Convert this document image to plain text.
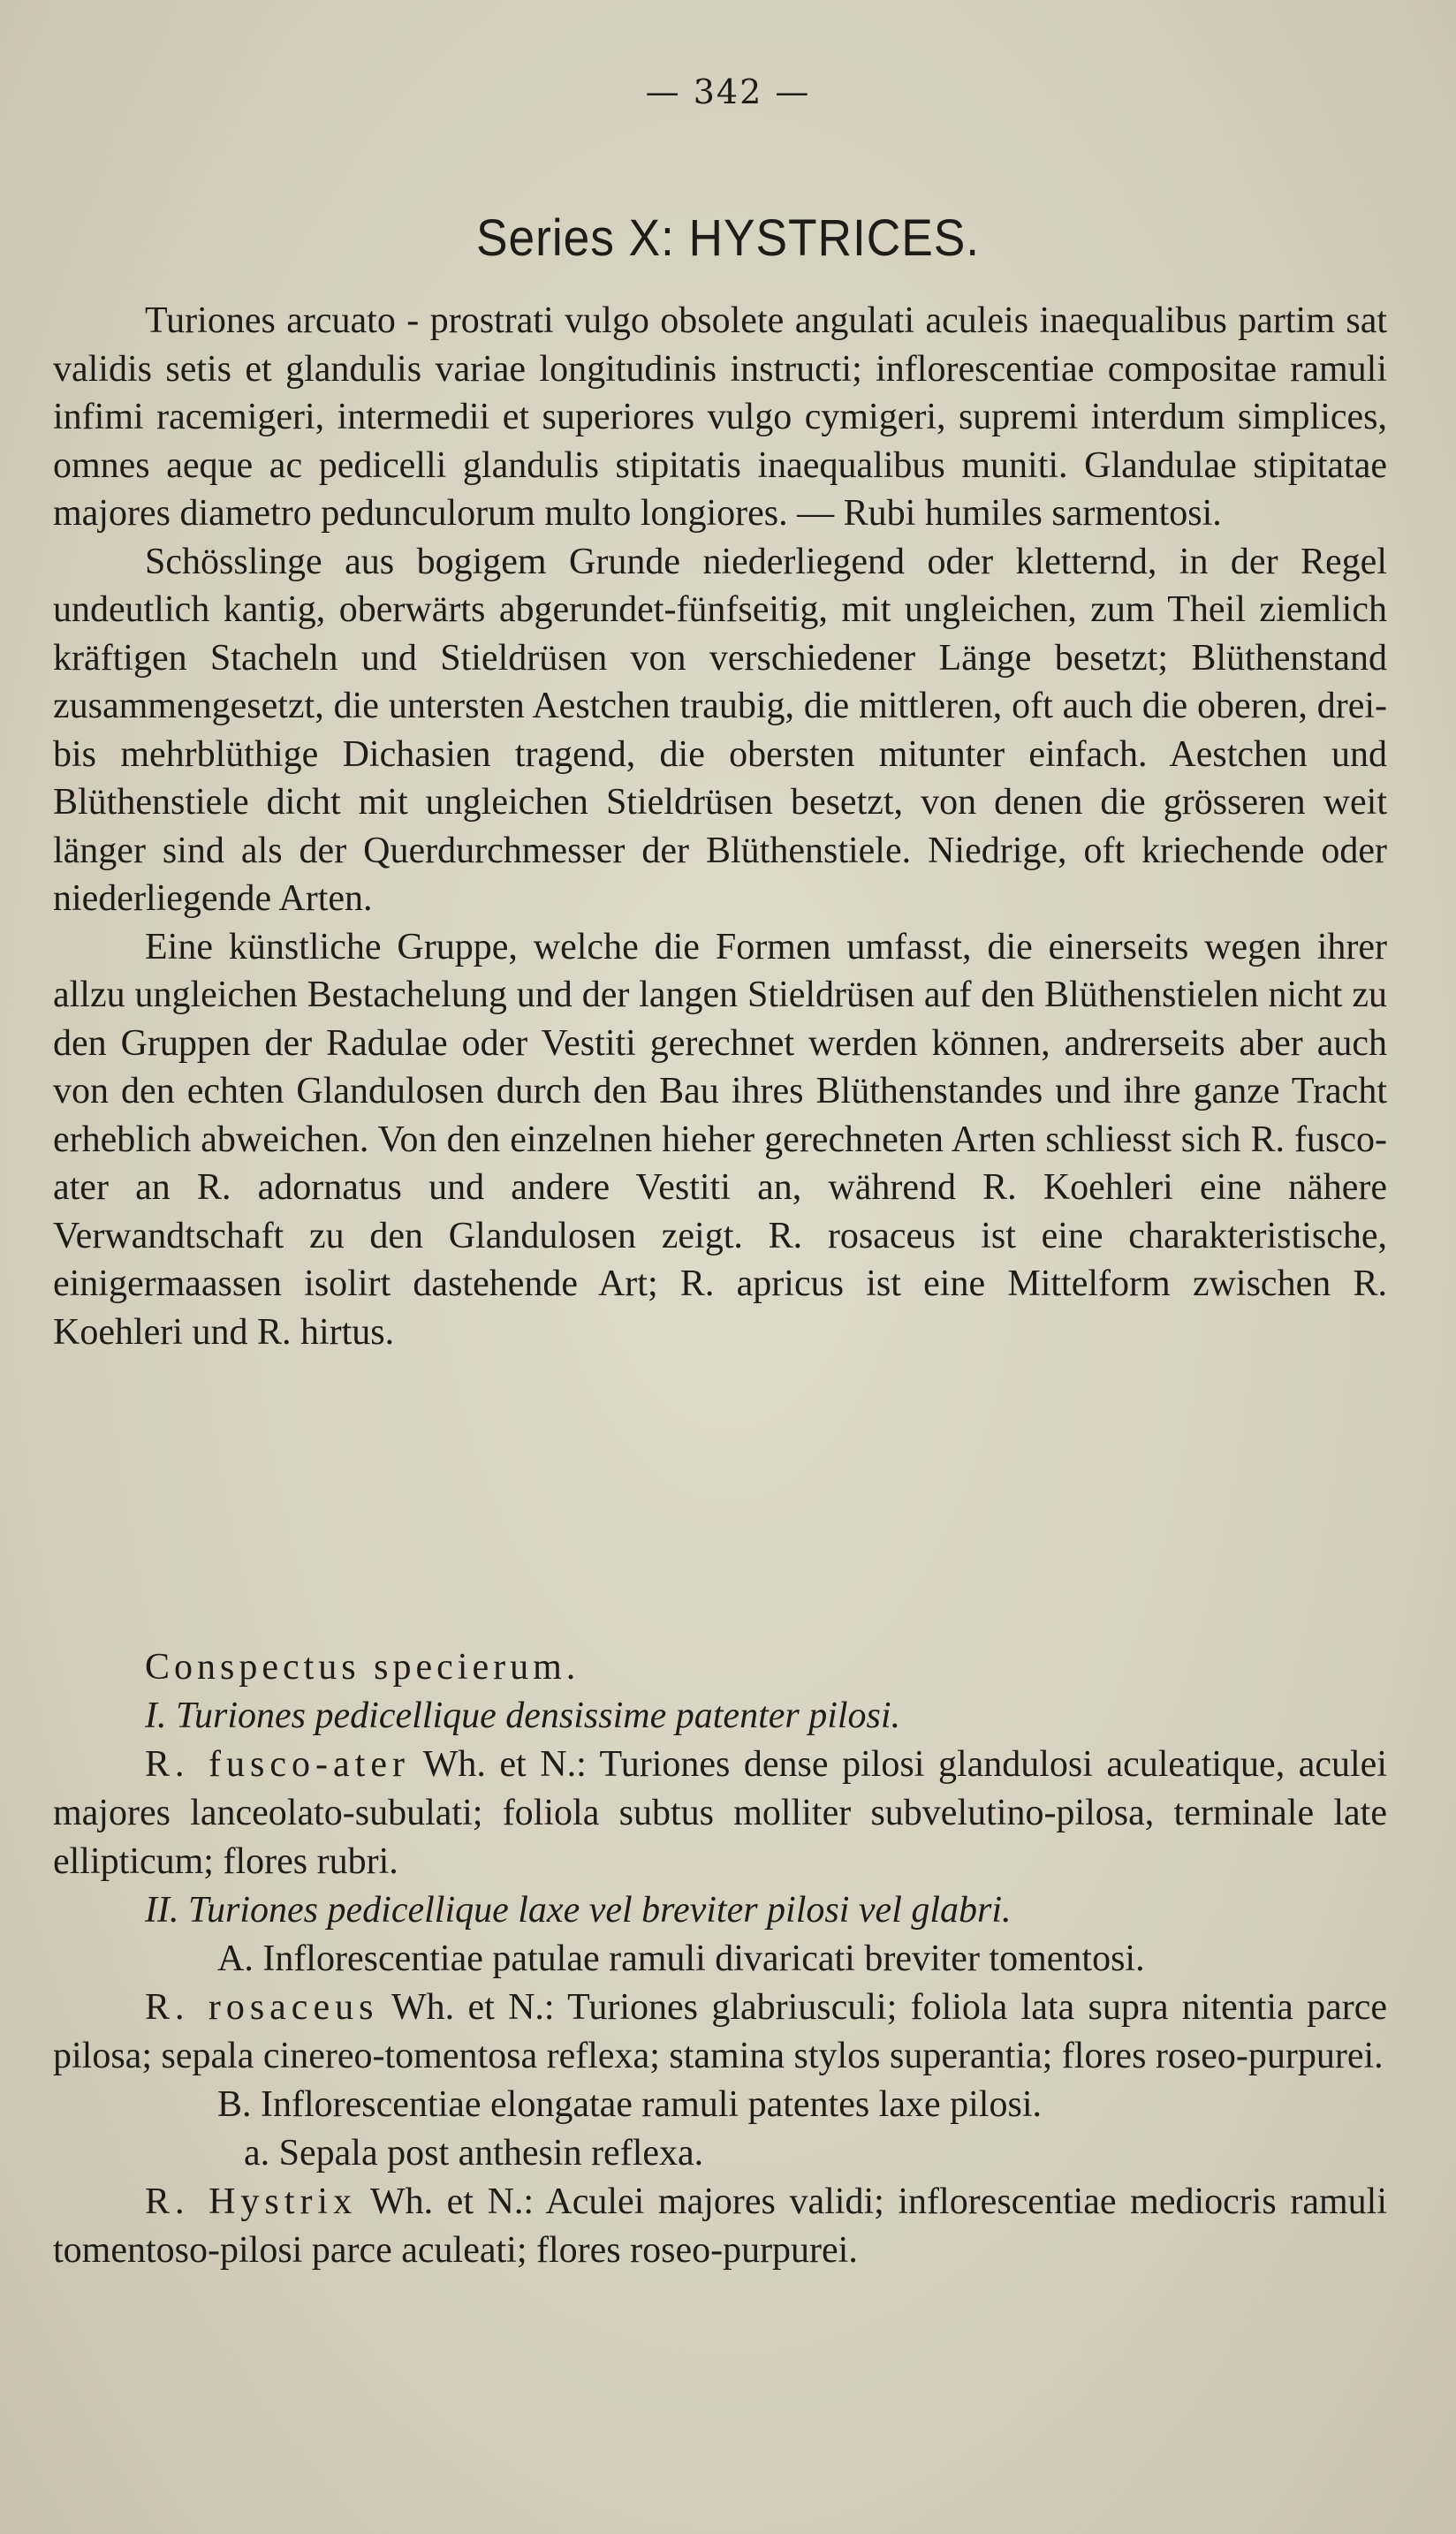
— 342 —
Series X: HYSTRICES.

Turiones arcuato - prostrati vulgo obsolete angulati aculeis inaequalibus partim sat validis setis et glandulis variae longitudinis instructi; inflorescentiae compositae ramuli infimi racemigeri, intermedii et superiores vulgo cymigeri, supremi interdum simplices, omnes aeque ac pedicelli glandulis stipitatis inaequalibus muniti. Glandulae stipitatae majores diametro pedunculorum multo longiores. — Rubi humiles sarmentosi.

Schösslinge aus bogigem Grunde niederliegend oder kletternd, in der Regel undeutlich kantig, oberwärts abgerundet-fünfseitig, mit ungleichen, zum Theil ziemlich kräftigen Stacheln und Stieldrüsen von verschiedener Länge besetzt; Blüthenstand zusammengesetzt, die untersten Aestchen traubig, die mittleren, oft auch die oberen, drei- bis mehrblüthige Dichasien tragend, die obersten mitunter einfach. Aestchen und Blüthenstiele dicht mit ungleichen Stieldrüsen besetzt, von denen die grösseren weit länger sind als der Querdurchmesser der Blüthenstiele. Niedrige, oft kriechende oder niederliegende Arten.

Eine künstliche Gruppe, welche die Formen umfasst, die einerseits wegen ihrer allzu ungleichen Bestachelung und der langen Stieldrüsen auf den Blüthenstielen nicht zu den Gruppen der Radulae oder Vestiti gerechnet werden können, andrerseits aber auch von den echten Glandulosen durch den Bau ihres Blüthenstandes und ihre ganze Tracht erheblich abweichen. Von den einzelnen hieher gerechneten Arten schliesst sich R. fusco-ater an R. adornatus und andere Vestiti an, während R. Koehleri eine nähere Verwandtschaft zu den Glandulosen zeigt. R. rosaceus ist eine charakteristische, einigermaassen isolirt dastehende Art; R. apricus ist eine Mittelform zwischen R. Koehleri und R. hirtus.

Conspectus specierum.

I. Turiones pedicellique densissime patenter pilosi.

R. fusco-ater Wh. et N.: Turiones dense pilosi glandulosi aculeatique, aculei majores lanceolato-subulati; foliola subtus molliter subvelutino-pilosa, terminale late ellipticum; flores rubri.

II. Turiones pedicellique laxe vel breviter pilosi vel glabri.

A. Inflorescentiae patulae ramuli divaricati breviter tomentosi.

R. rosaceus Wh. et N.: Turiones glabriusculi; foliola lata supra nitentia parce pilosa; sepala cinereo-tomentosa reflexa; stamina stylos superantia; flores roseo-purpurei.

B. Inflorescentiae elongatae ramuli patentes laxe pilosi.

a. Sepala post anthesin reflexa.

R. Hystrix Wh. et N.: Aculei majores validi; inflorescentiae mediocris ramuli tomentoso-pilosi parce aculeati; flores roseo-purpurei.
